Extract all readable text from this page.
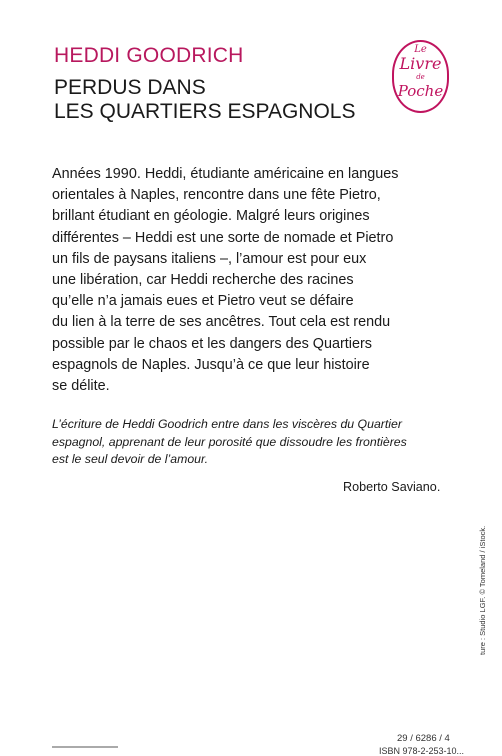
HEDDI GOODRICH
PERDUS DANS
LES QUARTIERS ESPAGNOLS
Le
Livre
de
Poche
Années 1990. Heddi, étudiante américaine en langues
orientales à Naples, rencontre dans une fête Pietro,
brillant étudiant en géologie. Malgré leurs origines
différentes – Heddi est une sorte de nomade et Pietro
un fils de paysans italiens –, l’amour est pour eux
une libération, car Heddi recherche des racines
qu’elle n’a jamais eues et Pietro veut se défaire
du lien à la terre de ses ancêtres. Tout cela est rendu
possible par le chaos et les dangers des Quartiers
espagnols de Naples. Jusqu’à ce que leur histoire
se délite.
L’écriture de Heddi Goodrich entre dans les viscères du Quartier
espagnol, apprenant de leur porosité que dissoudre les frontières
est le seul devoir de l’amour.
Roberto Saviano.
ture : Studio LGF. © Tomeland / iStock.
29 / 6286 / 4
ISBN 978-2-253-10...
